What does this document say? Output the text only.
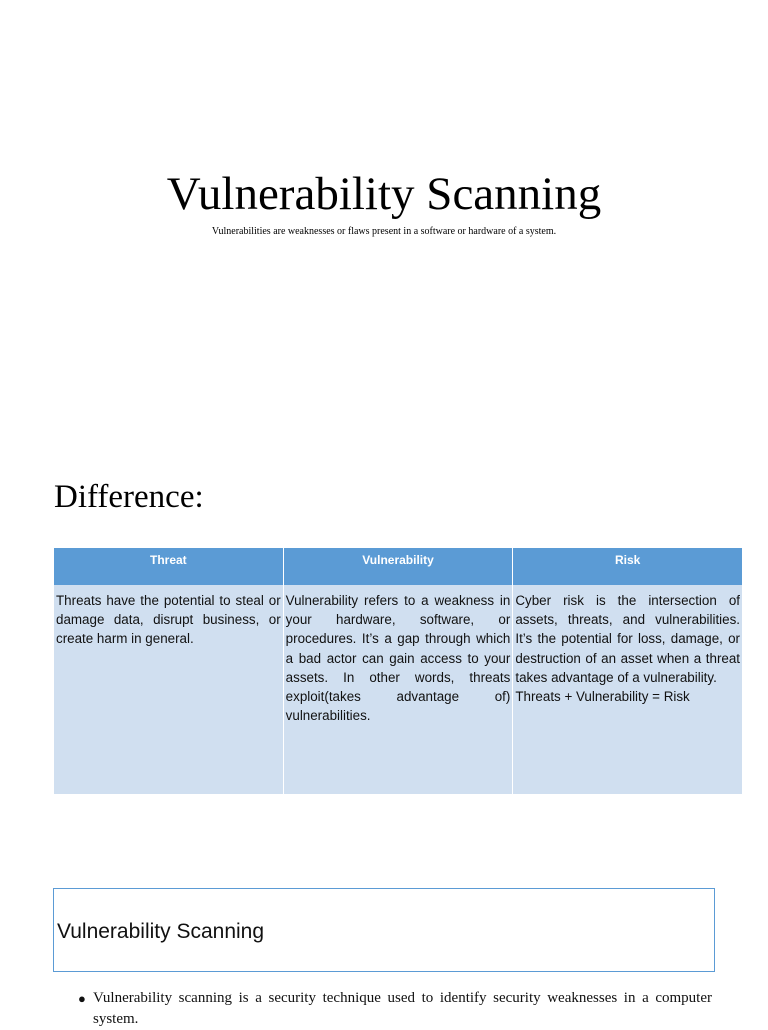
Vulnerability Scanning
Vulnerabilities are weaknesses or flaws present in a software or hardware of a system.
Difference:
Threat	Vulnerability	Risk
Threats have the potential to steal or damage data, disrupt business, or create harm in general.
Vulnerability refers to a weakness in your hardware, software, or procedures. It’s a gap through which a bad actor can gain access to your assets. In other words, threats exploit(takes advantage of) vulnerabilities.
Cyber risk is the intersection of assets, threats, and vulnerabilities. It’s the potential for loss, damage, or destruction of an asset when a threat takes advantage of a vulnerability.
Threats + Vulnerability = Risk
Vulnerability Scanning
● Vulnerability scanning is a security technique used to identify security weaknesses in a computer system.
